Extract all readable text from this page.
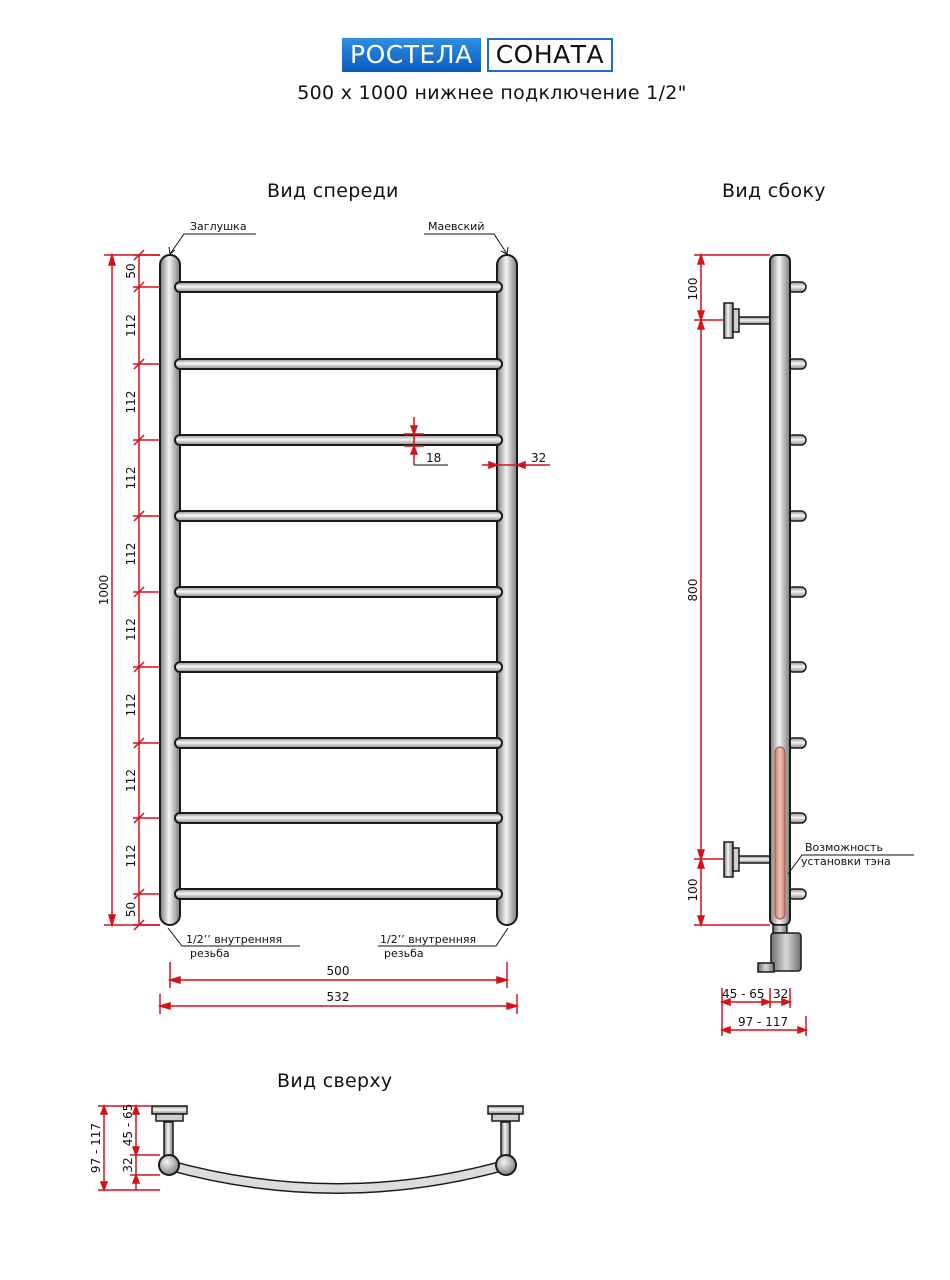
РОСТЕЛА СОНАТА
500 x 1000 нижнее подключение 1/2"
Вид спереди	Вид сбоку
Вид сверху
Заглушка	Маевский
1/2’’ внутренняя
резьба
1/2’’ внутренняя
резьба
1000
50
112
112
112
112
112
112
112
112
50
18	32
500
532
Возможность
установки тэна
100
800
100
45 - 65 32
97 - 117
97 - 117 32
45 - 65
